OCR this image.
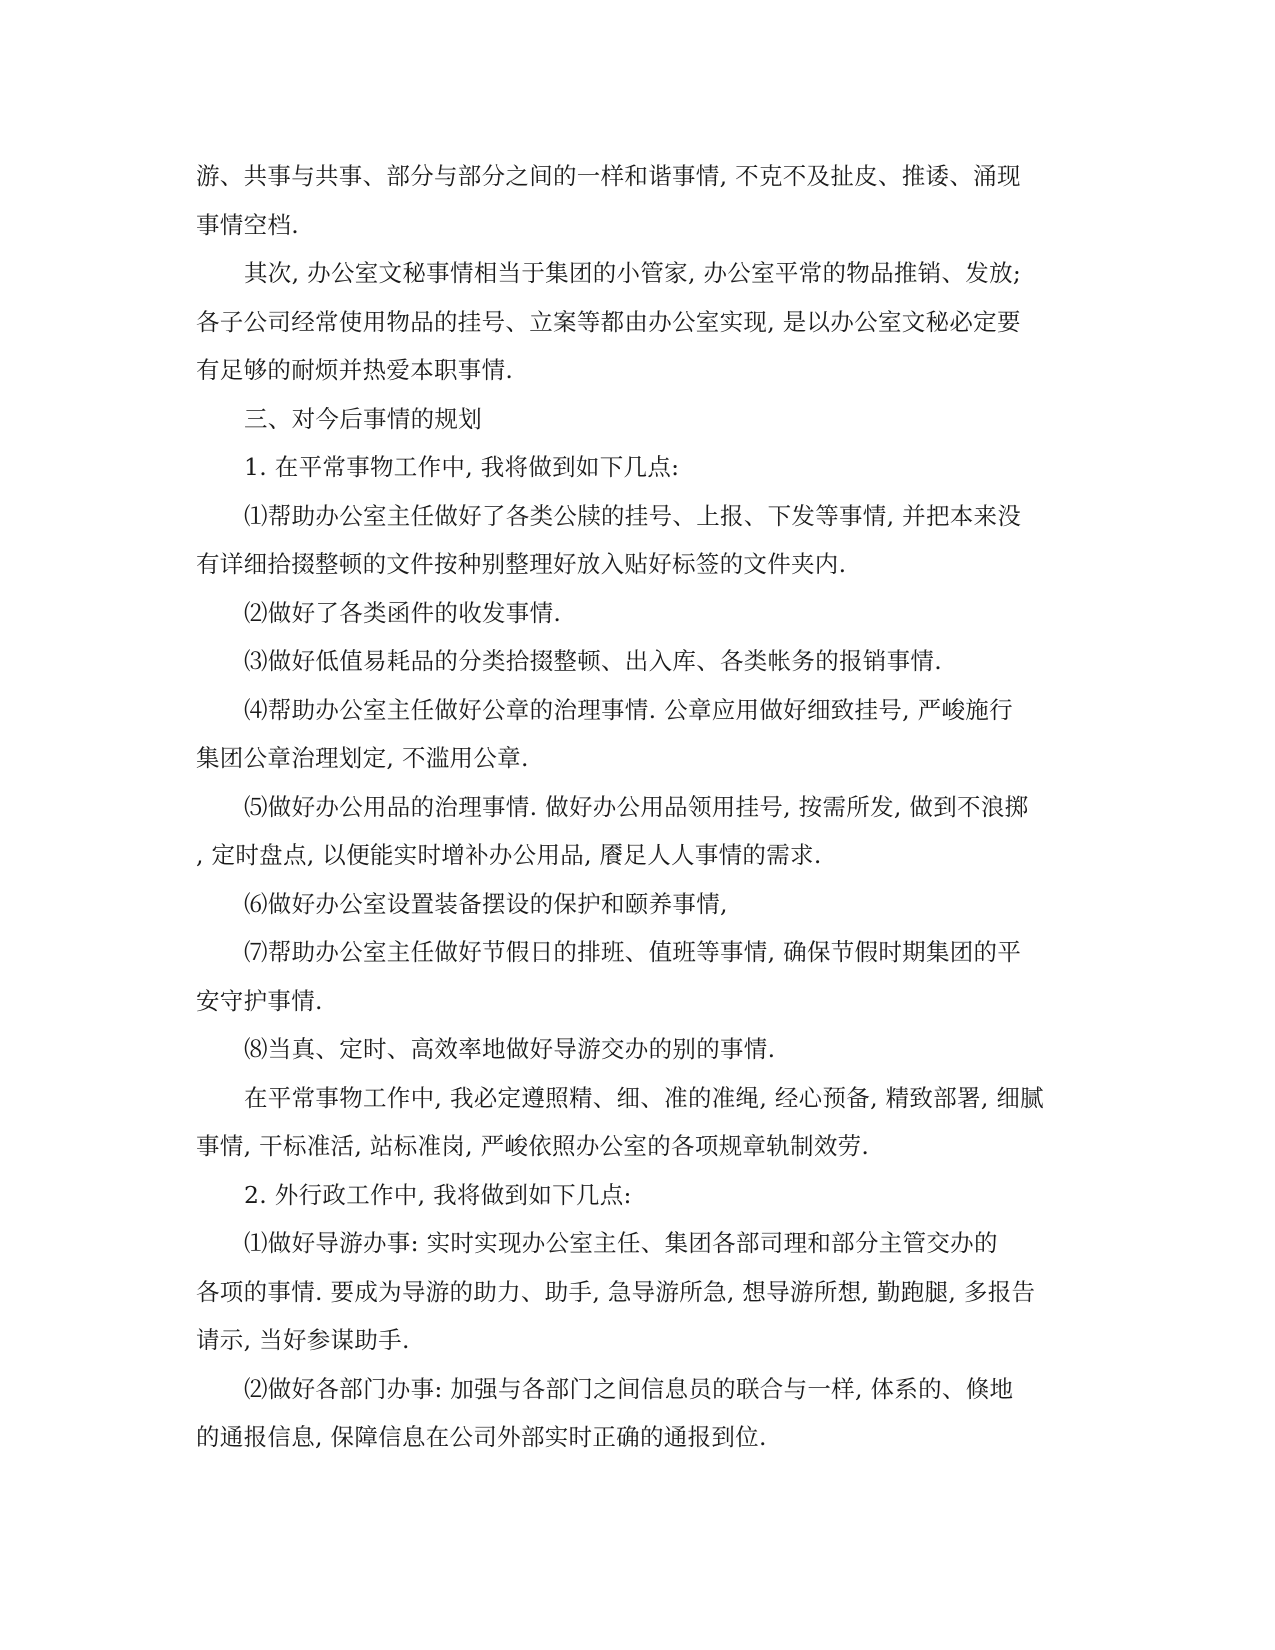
游、共事与共事、部分与部分之间的一样和谐事情, 不克不及扯皮、推诿、涌现
事情空档.
其次, 办公室文秘事情相当于集团的小管家, 办公室平常的物品推销、发放;
各子公司经常使用物品的挂号、立案等都由办公室实现, 是以办公室文秘必定要
有足够的耐烦并热爱本职事情.
三、对今后事情的规划
1. 在平常事物工作中, 我将做到如下几点:
⑴帮助办公室主任做好了各类公牍的挂号、上报、下发等事情, 并把本来没
有详细拾掇整顿的文件按种别整理好放入贴好标签的文件夹内.
⑵做好了各类函件的收发事情.
⑶做好低值易耗品的分类拾掇整顿、出入库、各类帐务的报销事情.
⑷帮助办公室主任做好公章的治理事情. 公章应用做好细致挂号, 严峻施行
集团公章治理划定, 不滥用公章.
⑸做好办公用品的治理事情. 做好办公用品领用挂号, 按需所发, 做到不浪掷
, 定时盘点, 以便能实时增补办公用品, 餍足人人事情的需求.
⑹做好办公室设置装备摆设的保护和颐养事情,
⑺帮助办公室主任做好节假日的排班、值班等事情, 确保节假时期集团的平
安守护事情.
⑻当真、定时、高效率地做好导游交办的别的事情.
在平常事物工作中, 我必定遵照精、细、准的准绳, 经心预备, 精致部署, 细腻
事情, 干标准活, 站标准岗, 严峻依照办公室的各项规章轨制效劳.
2. 外行政工作中, 我将做到如下几点:
⑴做好导游办事: 实时实现办公室主任、集团各部司理和部分主管交办的
各项的事情. 要成为导游的助力、助手, 急导游所急, 想导游所想, 勤跑腿, 多报告
请示, 当好参谋助手.
⑵做好各部门办事: 加强与各部门之间信息员的联合与一样, 体系的、倏地
的通报信息, 保障信息在公司外部实时正确的通报到位.
